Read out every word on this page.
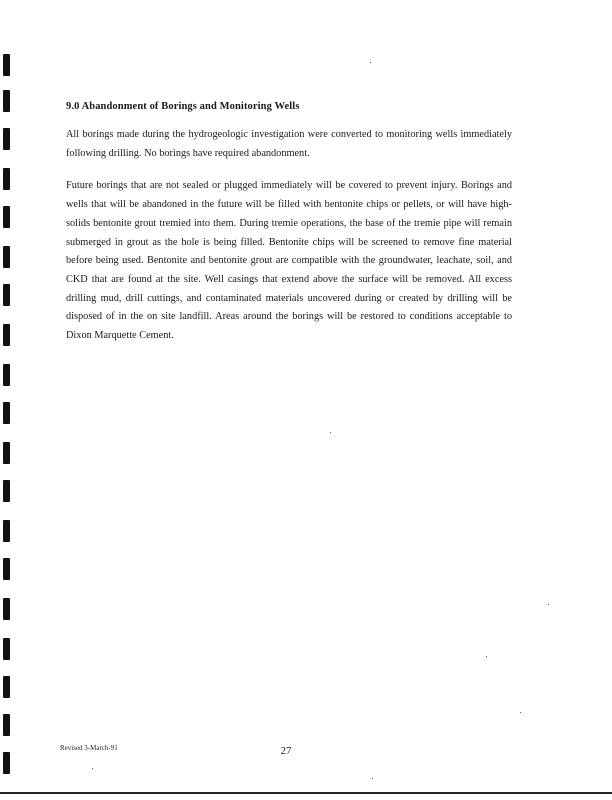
9.0 Abandonment of Borings and Monitoring Wells

All borings made during the hydrogeologic investigation were converted to monitoring wells immediately following drilling. No borings have required abandonment.

Future borings that are not sealed or plugged immediately will be covered to prevent injury. Borings and wells that will be abandoned in the future will be filled with bentonite chips or pellets, or will have high-solids bentonite grout tremied into them. During tremie operations, the base of the tremie pipe will remain submerged in grout as the hole is being filled. Bentonite chips will be screened to remove fine material before being used. Bentonite and bentonite grout are compatible with the groundwater, leachate, soil, and CKD that are found at the site. Well casings that extend above the surface will be removed. All excess drilling mud, drill cuttings, and contaminated materials uncovered during or created by drilling will be disposed of in the on site landfill. Areas around the borings will be restored to conditions acceptable to Dixon Marquette Cement.

Revised 3-March-91	27
